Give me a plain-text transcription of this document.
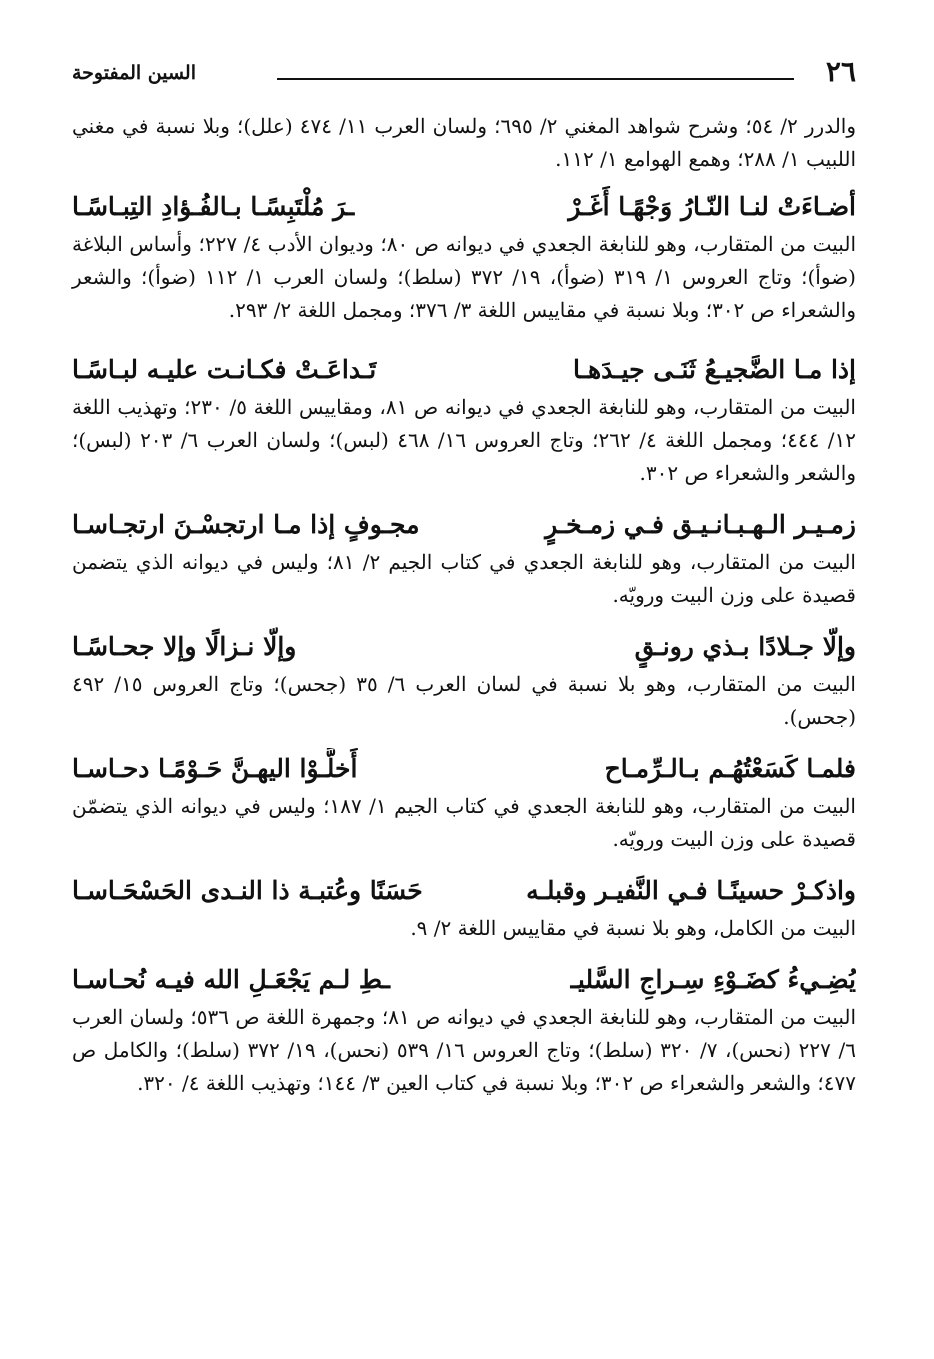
٢٦
السين المفتوحة

والدرر ٢/ ٥٤؛ وشرح شواهد المغني ٢/ ٦٩٥؛ ولسان العرب ١١/ ٤٧٤ (علل)؛ وبلا نسبة في مغني اللبيب ١/ ٢٨٨؛ وهمع الهوامع ١/ ١١٢.

أضـاءَتْ لنـا النّـارُ وَجْهًـا أَغَـرْ
ـرَ مُلْتَبِسًـا بـالفُـؤادِ التِبـاسًـا

البيت من المتقارب، وهو للنابغة الجعدي في ديوانه ص ٨٠؛ وديوان الأدب ٤/ ٢٢٧؛ وأساس البلاغة (ضوأ)؛ وتاج العروس ١/ ٣١٩ (ضوأ)، ١٩/ ٣٧٢ (سلط)؛ ولسان العرب ١/ ١١٢ (ضوأ)؛ والشعر والشعراء ص ٣٠٢؛ وبلا نسبة في مقاييس اللغة ٣/ ٣٧٦؛ ومجمل اللغة ٢/ ٢٩٣.

إذا مـا الضَّجيـعُ ثَنَـى جيـدَهـا
تَـداعَـتْ فكـانـت عليـه لبـاسًـا

البيت من المتقارب، وهو للنابغة الجعدي في ديوانه ص ٨١، ومقاييس اللغة ٥/ ٢٣٠؛ وتهذيب اللغة ١٢/ ٤٤٤؛ ومجمل اللغة ٤/ ٢٦٢؛ وتاج العروس ١٦/ ٤٦٨ (لبس)؛ ولسان العرب ٦/ ٢٠٣ (لبس)؛ والشعر والشعراء ص ٣٠٢.

زمـيـر الـهـبـانـيـق فـي زمـخـرٍ
مجـوفٍ إذا مـا ارتجسْـنَ ارتجـاسـا

البيت من المتقارب، وهو للنابغة الجعدي في كتاب الجيم ٢/ ٨١؛ وليس في ديوانه الذي يتضمن قصيدة على وزن البيت ورويّه.

وإلّا جـلادًا بـذي رونـقٍ
وإلّا نـزالًا وإلا جحـاسًـا

البيت من المتقارب، وهو بلا نسبة في لسان العرب ٦/ ٣٥ (جحس)؛ وتاج العروس ١٥/ ٤٩٢ (جحس).

فلمـا كَسَعْتُهُـم بـالـرِّمـاح
أَخلَّـوْا اليهـنَّ حَـوْمًـا دحـاسـا

البيت من المتقارب، وهو للنابغة الجعدي في كتاب الجيم ١/ ١٨٧؛ وليس في ديوانه الذي يتضمّن قصيدة على وزن البيت ورويّه.

واذكـرْ حسينًـا فـي النَّفيـر وقبلـه
حَسَنًا وعُتبـة ذا النـدى الحَسْحَـاسـا

البيت من الكامل، وهو بلا نسبة في مقاييس اللغة ٢/ ٩.

يُضِـيءُ كضَـوْءِ سِـراجِ السَّليـ
ـطِ لـم يَجْعَـلِ الله فيـه نُحـاسـا

البيت من المتقارب، وهو للنابغة الجعدي في ديوانه ص ٨١؛ وجمهرة اللغة ص ٥٣٦؛ ولسان العرب ٦/ ٢٢٧ (نحس)، ٧/ ٣٢٠ (سلط)؛ وتاج العروس ١٦/ ٥٣٩ (نحس)، ١٩/ ٣٧٢ (سلط)؛ والكامل ص ٤٧٧؛ والشعر والشعراء ص ٣٠٢؛ وبلا نسبة في كتاب العين ٣/ ١٤٤؛ وتهذيب اللغة ٤/ ٣٢٠.
